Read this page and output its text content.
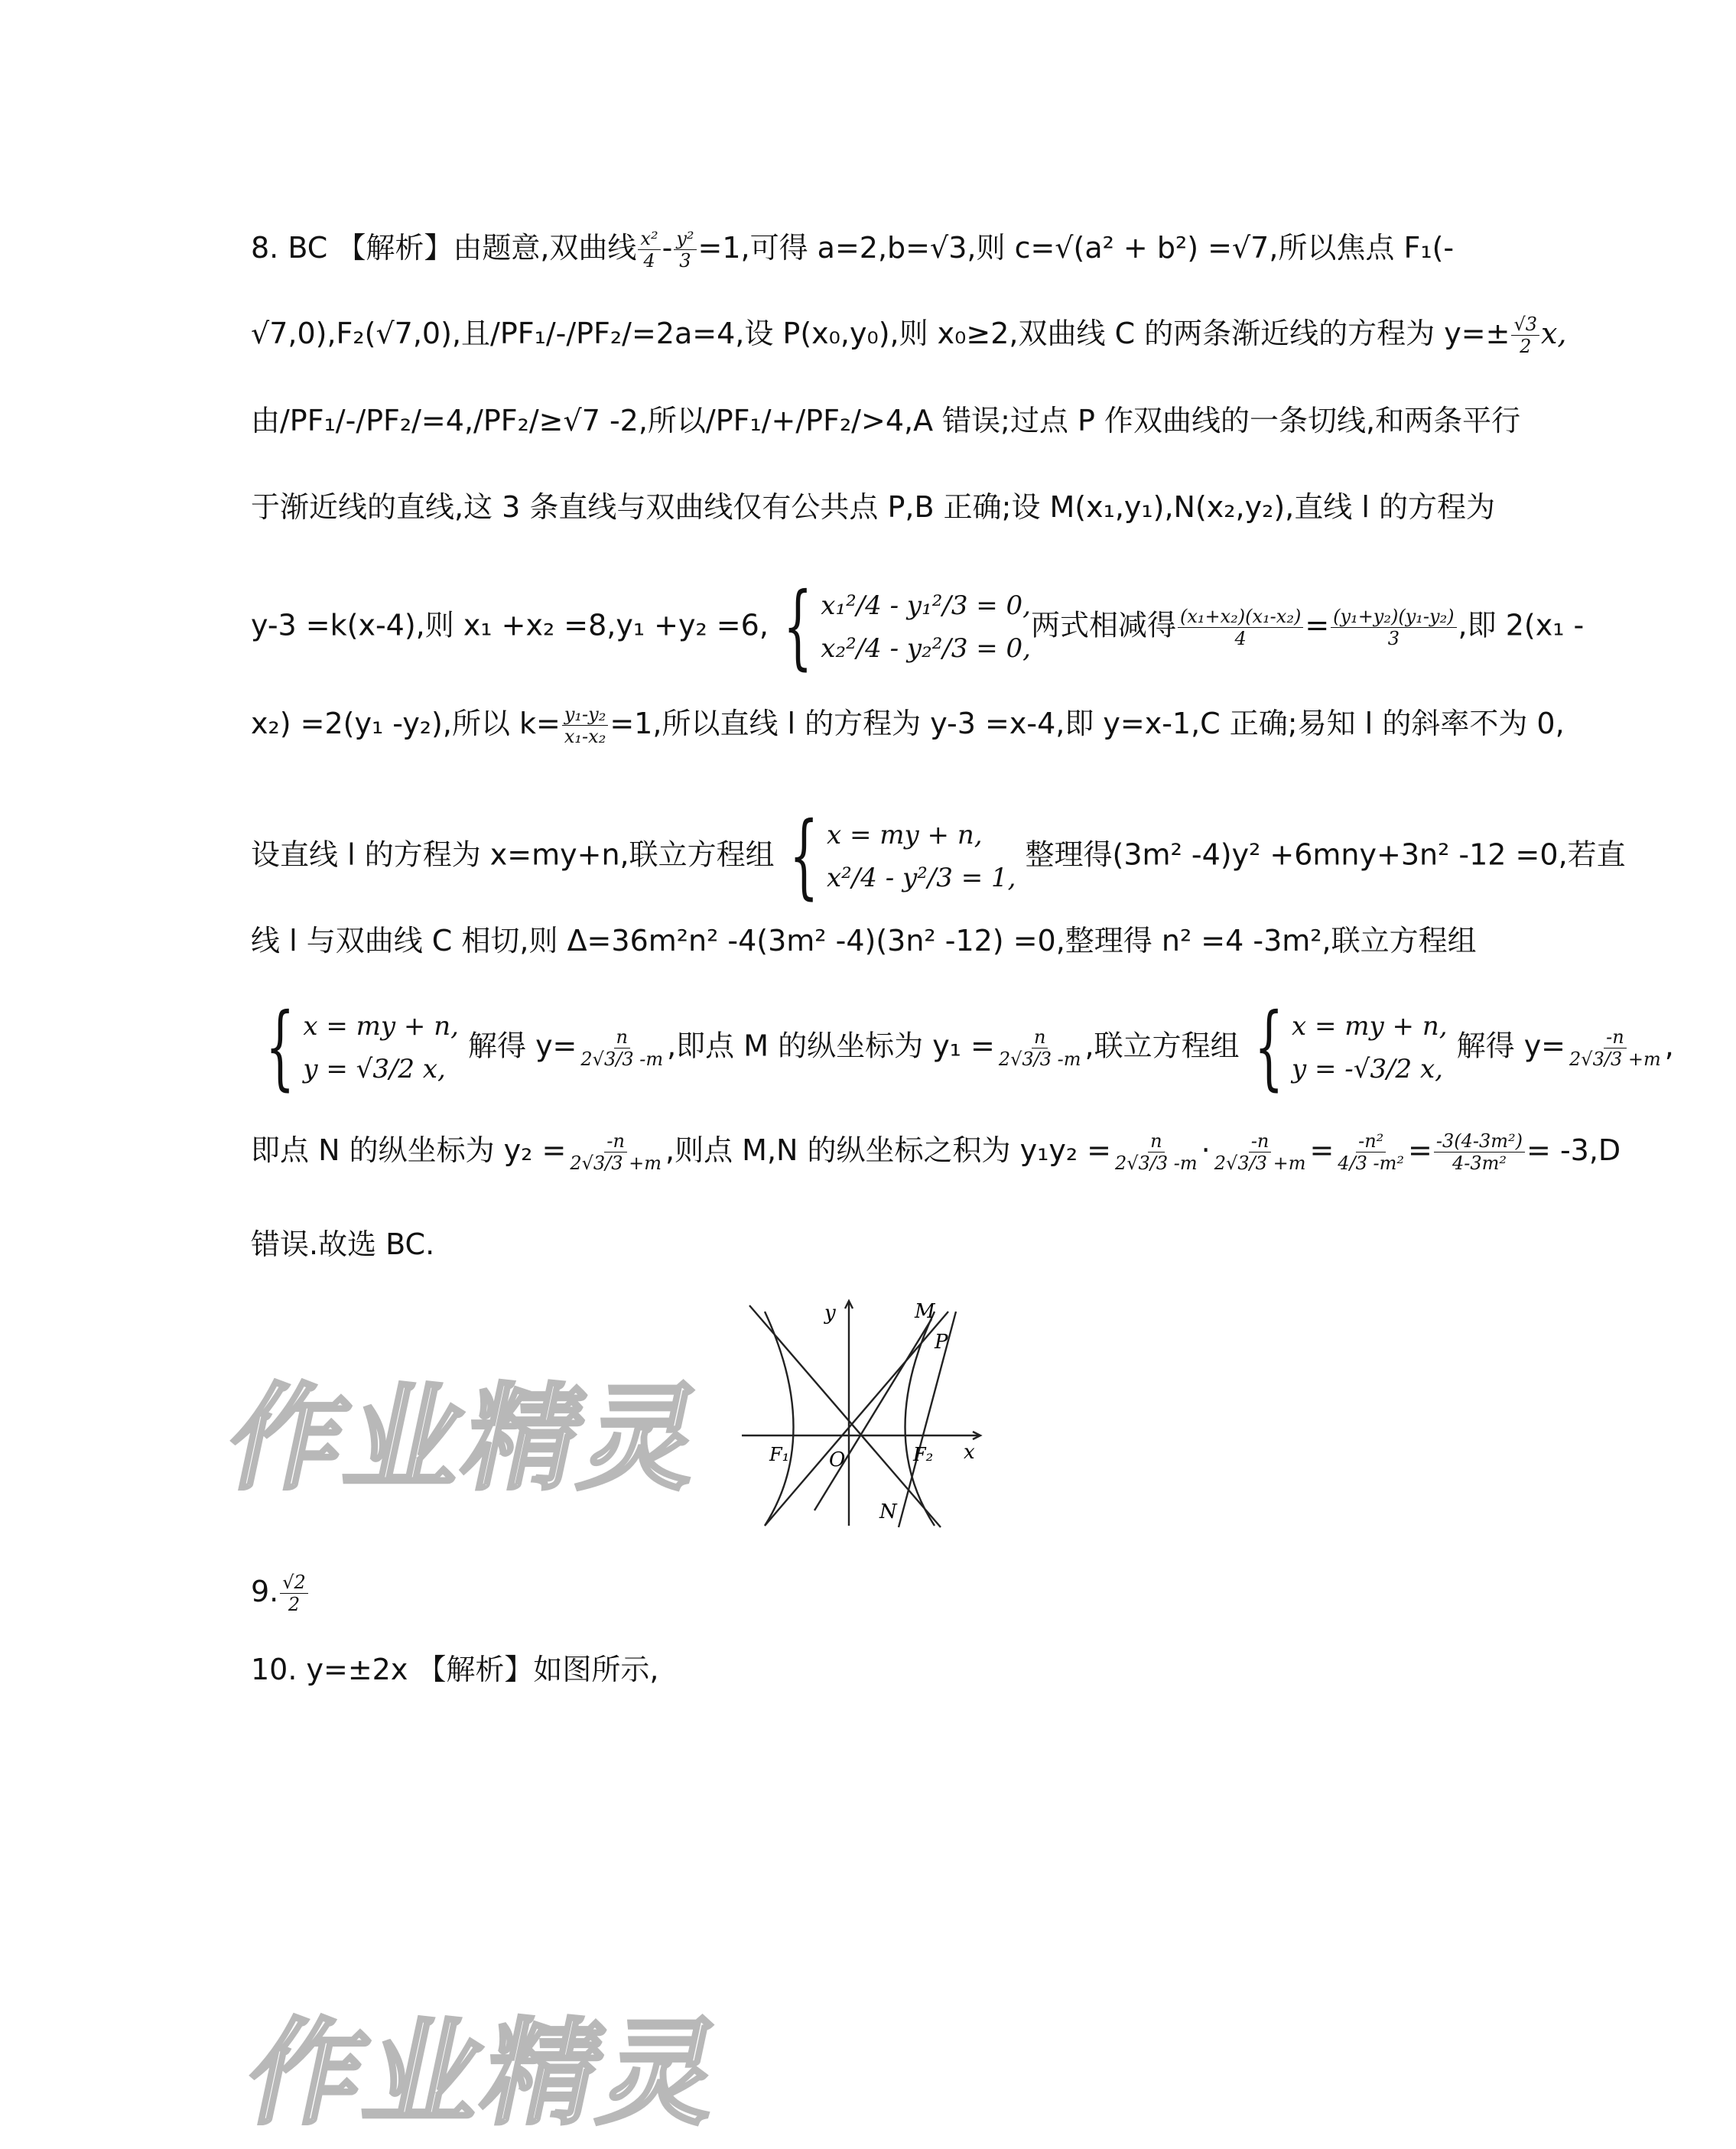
8. BC 【解析】由题意,双曲线 $\frac{\text{x²}}{4} - \frac{\text{y²}}{3} =1$,可得 a=2,b=√3,则 c=√(a² + b²) =√7,所以焦点 F₁(-
√7,0),F₂(√7,0),且/PF₁/-/PF₂/=2a=4,设 P(x₀,y₀),则 x₀≥2,双曲线 C 的两条渐近线的方程为 $y=\pm \frac{√3}{2} x$,
由/PF₁/-/PF₂/=4,/PF₂/≥√7 -2,所以/PF₁/+/PF₂/>4,A 错误;过点 P 作双曲线的一条切线,和两条平行
于渐近线的直线,这 3 条直线与双曲线仅有公共点 P,B 正确;设 M(x₁,y₁),N(x₂,y₂),直线 l 的方程为
y-3 =k(x-4),则 x₁ +x₂ =8,y₁ +y₂ =6, { x₁²/4 - y₁²/3 = 0,
x₂²/4 - y₂²/3 = 0,
两式相减得 $\frac{\text{(x₁+x₂)(x₁-x₂)}}{4} = \frac{\text{(y₁+y₂)(y₁-y₂)}}{3}$ ,即 2(x₁ -
x₂) =2(y₁ -y₂),所以 $k= \frac{\text{y₁-y₂}}{\text{x₁-x₂}} =1$,所以直线 l 的方程为 y-3 =x-4,即 y=x-1,C 正确;易知 l 的斜率不为 0,
设直线 l 的方程为 x=my+n,联立方程组 { x = my + n,
x²/4 - y²/3 = 1,
整理得(3m² -4)y² +6mny+3n² -12 =0,若直
线 l 与双曲线 C 相切,则 Δ=36m²n² -4(3m² -4)(3n² -12) =0,整理得 n² =4 -3m²,联立方程组
{ x = my + n,
y = √3/2 x,
解得 $y= \frac{n}{2√3/3 -m}$ ,即点 M 的纵坐标为 $y_1 = \frac{n}{2√3/3 -m}$ ,联立方程组 { x = my + n,
y = -√3/2 x,
解得 $y= \frac{-n}{2√3/3 +m}$ ,
即点 N 的纵坐标为 $y_2 = \frac{-n}{2√3/3 +m}$ ,则点 M,N 的纵坐标之积为 $y_1y_2 = \frac{n}{2√3/3 -m} \cdot \frac{-n}{2√3/3 +m} = \frac{\text{-n²}}{\text{4/3 -m²}} = \frac{\text{-3(4-3m²)}}{\text{4-3m²}} = -3,D$
错误.故选 BC.
y
x
M
P
F₁ O	F₂
N
9. $\frac{√2}{2}$
10. y=±2x 【解析】如图所示,
作业精灵
作业精灵
